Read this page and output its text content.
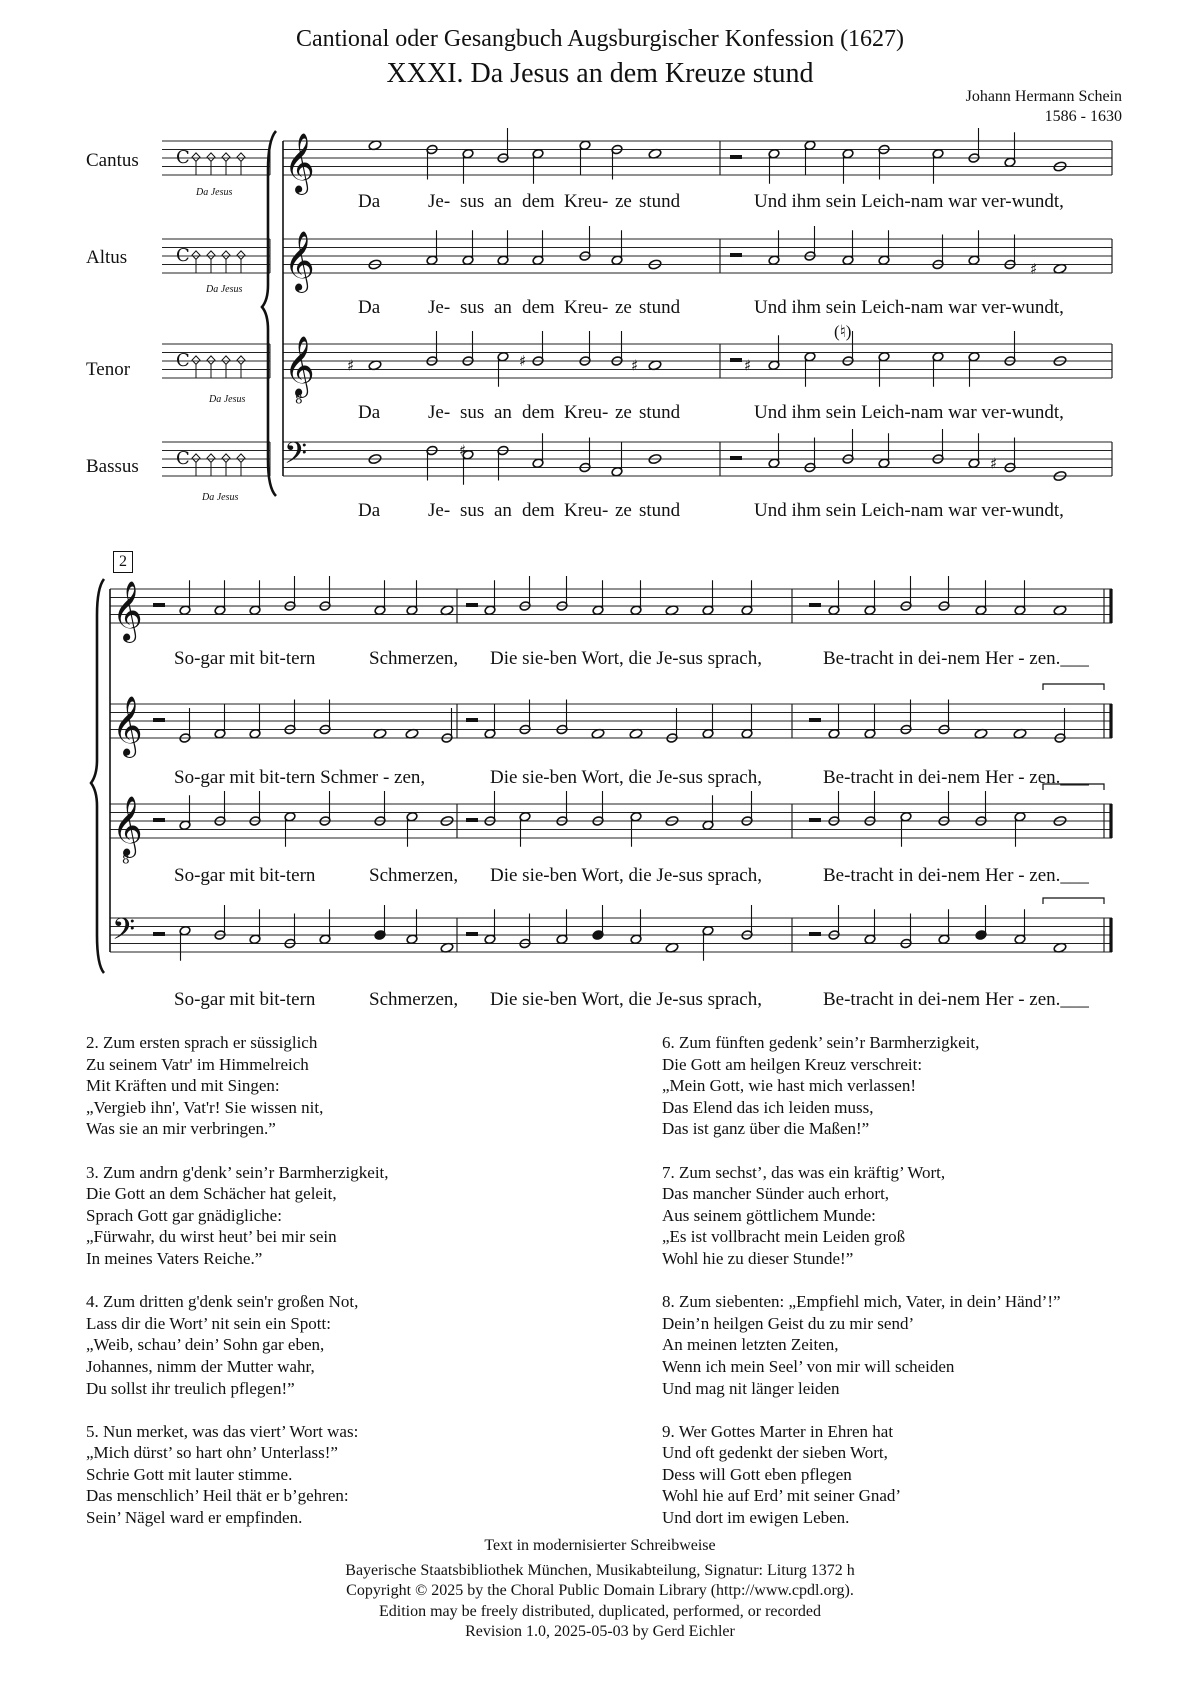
Cantional oder Gesangbuch Augsburgischer Konfession (1627)
XXXI. Da Jesus an dem Kreuze stund
Johann Hermann Schein
1586 - 1630
Cantus
Altus
Tenor
Bassus
Da Jesus
Da Jesus
Da Jesus
Da Jesus
𝄞
𝄞
𝄞
8
𝄢
♯	♯	♯	♯
♯
♯
♯
C
C
C
C
𝄞
𝄞
𝄞
8
𝄢
(♮)
2
Da	Je- sus an dem Kreu- ze stund	Und ihm sein Leich-nam war ver-wundt,
Da	Je- sus an dem Kreu- ze stund	Und ihm sein Leich-nam war ver-wundt,
Da	Je- sus an dem Kreu- ze stund	Und ihm sein Leich-nam war ver-wundt,
Da	Je- sus an dem Kreu- ze stund	Und ihm sein Leich-nam war ver-wundt,
So-gar mit bit-tern	Schmerzen, Die sie-ben Wort, die Je-sus sprach,	Be-tracht in dei-nem Her - zen.___
So-gar mit bit-tern Schmer - zen,	Die sie-ben Wort, die Je-sus sprach,	Be-tracht in dei-nem Her - zen.___
So-gar mit bit-tern	Schmerzen, Die sie-ben Wort, die Je-sus sprach,	Be-tracht in dei-nem Her - zen.___
So-gar mit bit-tern	Schmerzen, Die sie-ben Wort, die Je-sus sprach,	Be-tracht in dei-nem Her - zen.___
2. Zum ersten sprach er süssiglich
Zu seinem Vatr' im Himmelreich
Mit Kräften und mit Singen:
„Vergieb ihn', Vat'r! Sie wissen nit,
Was sie an mir verbringen.”
3. Zum andrn g'denk’ sein’r Barmherzigkeit,
Die Gott an dem Schächer hat geleit,
Sprach Gott gar gnädigliche:
„Fürwahr, du wirst heut’ bei mir sein
In meines Vaters Reiche.”
4. Zum dritten g'denk sein'r großen Not,
Lass dir die Wort’ nit sein ein Spott:
„Weib, schau’ dein’ Sohn gar eben,
Johannes, nimm der Mutter wahr,
Du sollst ihr treulich pflegen!”
5. Nun merket, was das viert’ Wort was:
„Mich dürst’ so hart ohn’ Unterlass!”
Schrie Gott mit lauter stimme.
Das menschlich’ Heil thät er b’gehren:
Sein’ Nägel ward er empfinden.
6. Zum fünften gedenk’ sein’r Barmherzigkeit,
Die Gott am heilgen Kreuz verschreit:
„Mein Gott, wie hast mich verlassen!
Das Elend das ich leiden muss,
Das ist ganz über die Maßen!”
7. Zum sechst’, das was ein kräftig’ Wort,
Das mancher Sünder auch erhort,
Aus seinem göttlichem Munde:
„Es ist vollbracht mein Leiden groß
Wohl hie zu dieser Stunde!”
8. Zum siebenten: „Empfiehl mich, Vater, in dein’ Händ’!”
Dein’n heilgen Geist du zu mir send’
An meinen letzten Zeiten,
Wenn ich mein Seel’ von mir will scheiden
Und mag nit länger leiden
9. Wer Gottes Marter in Ehren hat
Und oft gedenkt der sieben Wort,
Dess will Gott eben pflegen
Wohl hie auf Erd’ mit seiner Gnad’
Und dort im ewigen Leben.
Text in modernisierter Schreibweise
Bayerische Staatsbibliothek München, Musikabteilung, Signatur: Liturg 1372 h
Copyright © 2025 by the Choral Public Domain Library (http://www.cpdl.org).
Edition may be freely distributed, duplicated, performed, or recorded
Revision 1.0, 2025-05-03 by Gerd Eichler
